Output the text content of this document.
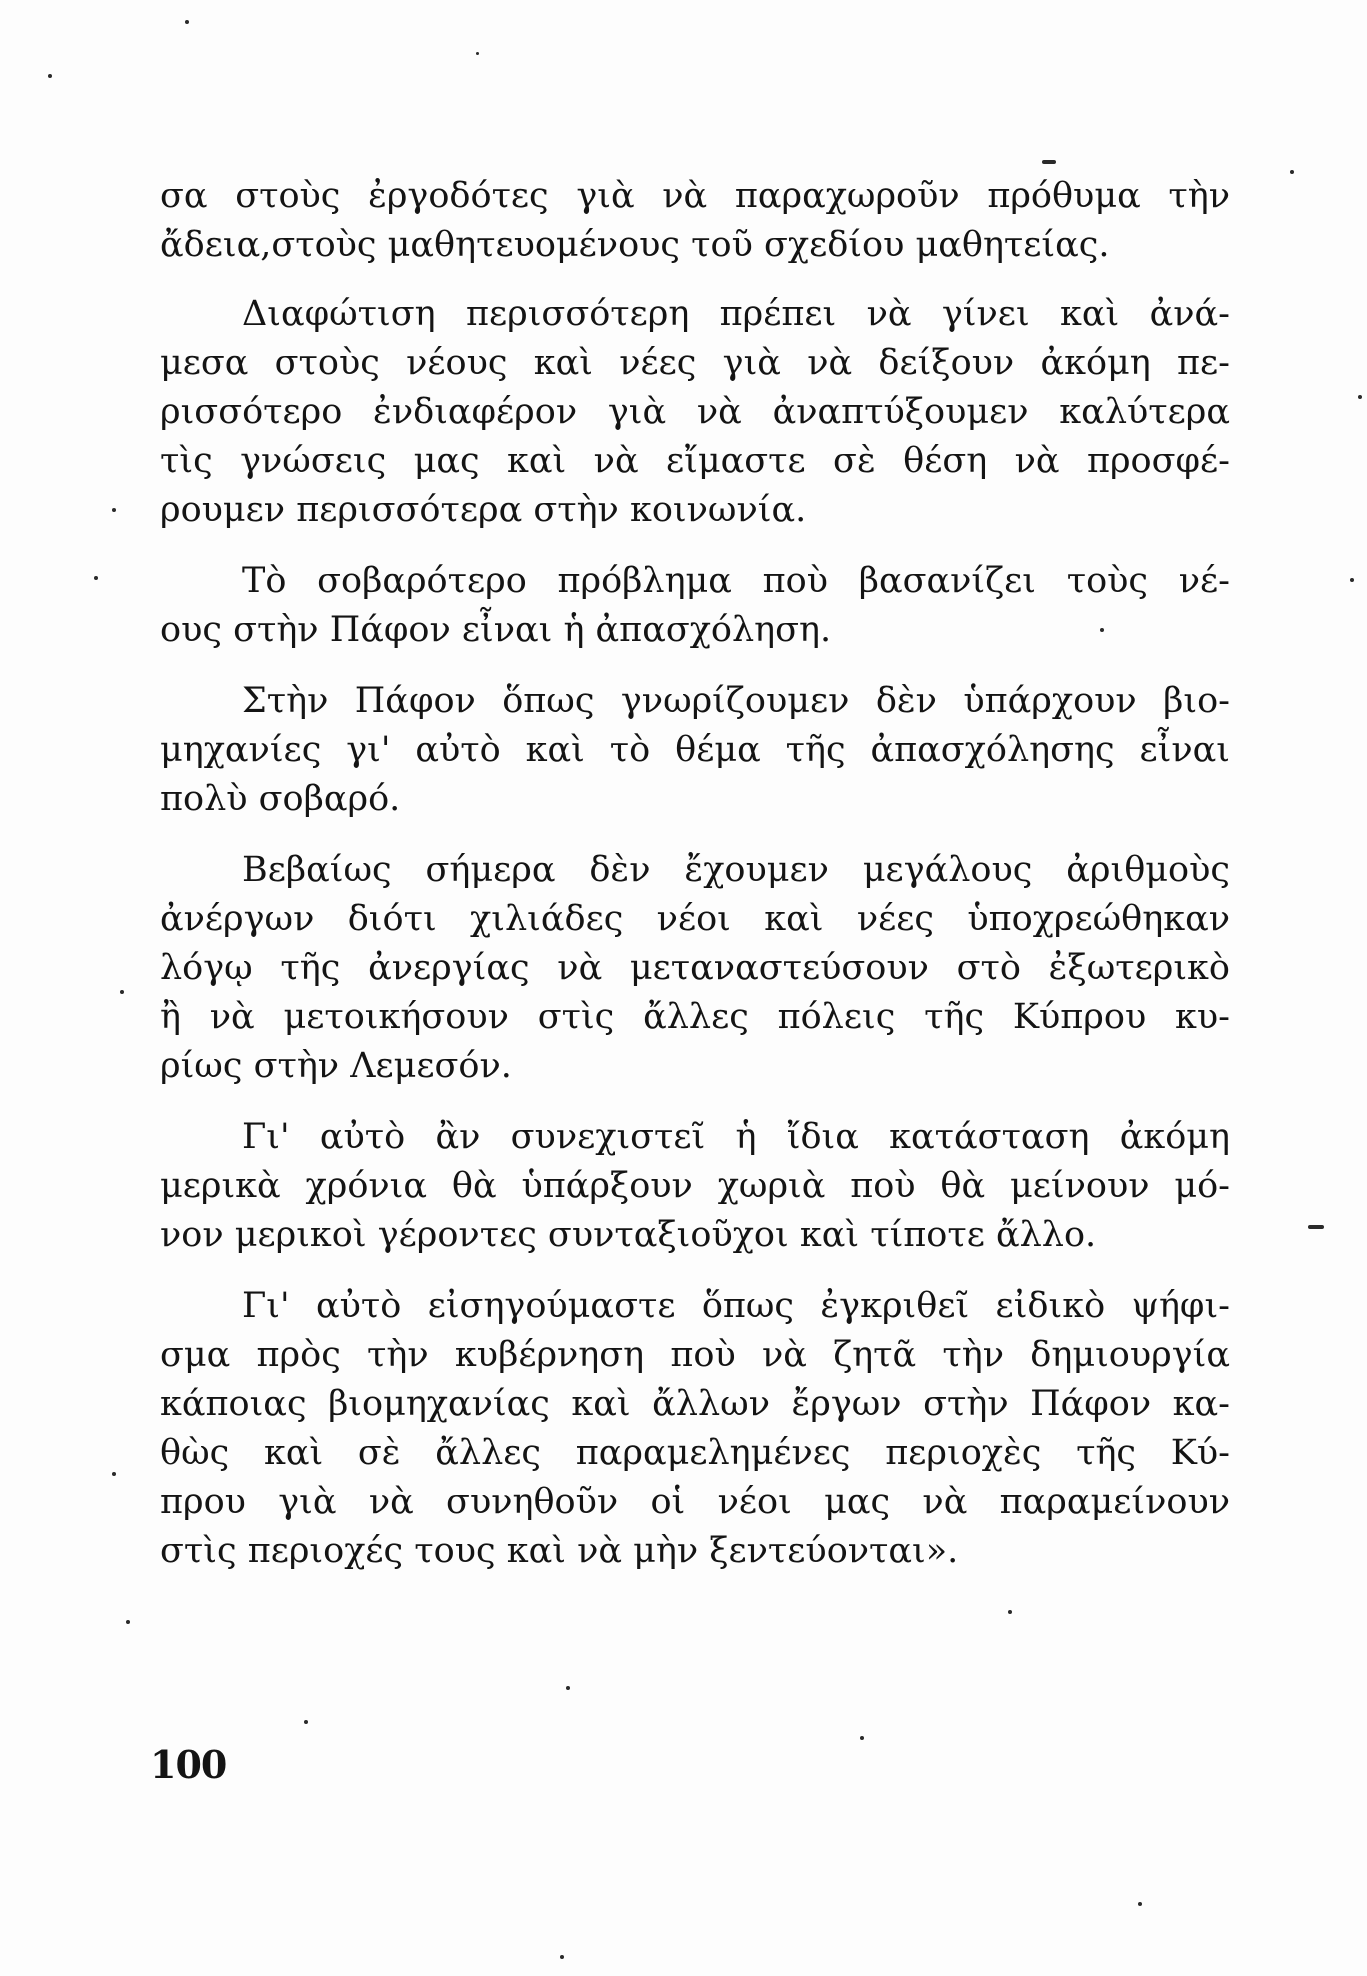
σα στοὺς ἐργοδότες γιὰ νὰ παραχωροῦν πρόθυμα τὴν
ἄδεια,στοὺς μαθητευομένους τοῦ σχεδίου μαθητείας.
Διαφώτιση περισσότερη πρέπει νὰ γίνει καὶ ἀνά-
μεσα στοὺς νέους καὶ νέες γιὰ νὰ δείξουν ἀκόμη πε-
ρισσότερο ἐνδιαφέρον γιὰ νὰ ἀναπτύξουμεν καλύτερα
τὶς γνώσεις μας καὶ νὰ εἴμαστε σὲ θέση νὰ προσφέ-
ρουμεν περισσότερα στὴν κοινωνία.
Τὸ σοβαρότερο πρόβλημα ποὺ βασανίζει τοὺς νέ-
ους στὴν Πάφον εἶναι ἡ ἀπασχόληση.
Στὴν Πάφον ὅπως γνωρίζουμεν δὲν ὑπάρχουν βιο-
μηχανίες γι' αὐτὸ καὶ τὸ θέμα τῆς ἀπασχόλησης εἶναι
πολὺ σοβαρό.
Βεβαίως σήμερα δὲν ἔχουμεν μεγάλους ἀριθμοὺς
ἀνέργων διότι χιλιάδες νέοι καὶ νέες ὑποχρεώθηκαν
λόγῳ τῆς ἀνεργίας νὰ μεταναστεύσουν στὸ ἐξωτερικὸ
ἢ νὰ μετοικήσουν στὶς ἄλλες πόλεις τῆς Κύπρου κυ-
ρίως στὴν Λεμεσόν.
Γι' αὐτὸ ἂν συνεχιστεῖ ἡ ἴδια κατάσταση ἀκόμη
μερικὰ χρόνια θὰ ὑπάρξουν χωριὰ ποὺ θὰ μείνουν μό-
νον μερικοὶ γέροντες συνταξιοῦχοι καὶ τίποτε ἄλλο.
Γι' αὐτὸ εἰσηγούμαστε ὅπως ἐγκριθεῖ εἰδικὸ ψήφι-
σμα πρὸς τὴν κυβέρνηση ποὺ νὰ ζητᾶ τὴν δημιουργία
κάποιας βιομηχανίας καὶ ἄλλων ἔργων στὴν Πάφον κα-
θὼς καὶ σὲ ἄλλες παραμελημένες περιοχὲς τῆς Κύ-
πρου γιὰ νὰ συνηθοῦν οἱ νέοι μας νὰ παραμείνουν
στὶς περιοχές τους καὶ νὰ μὴν ξεντεύονται».
100
